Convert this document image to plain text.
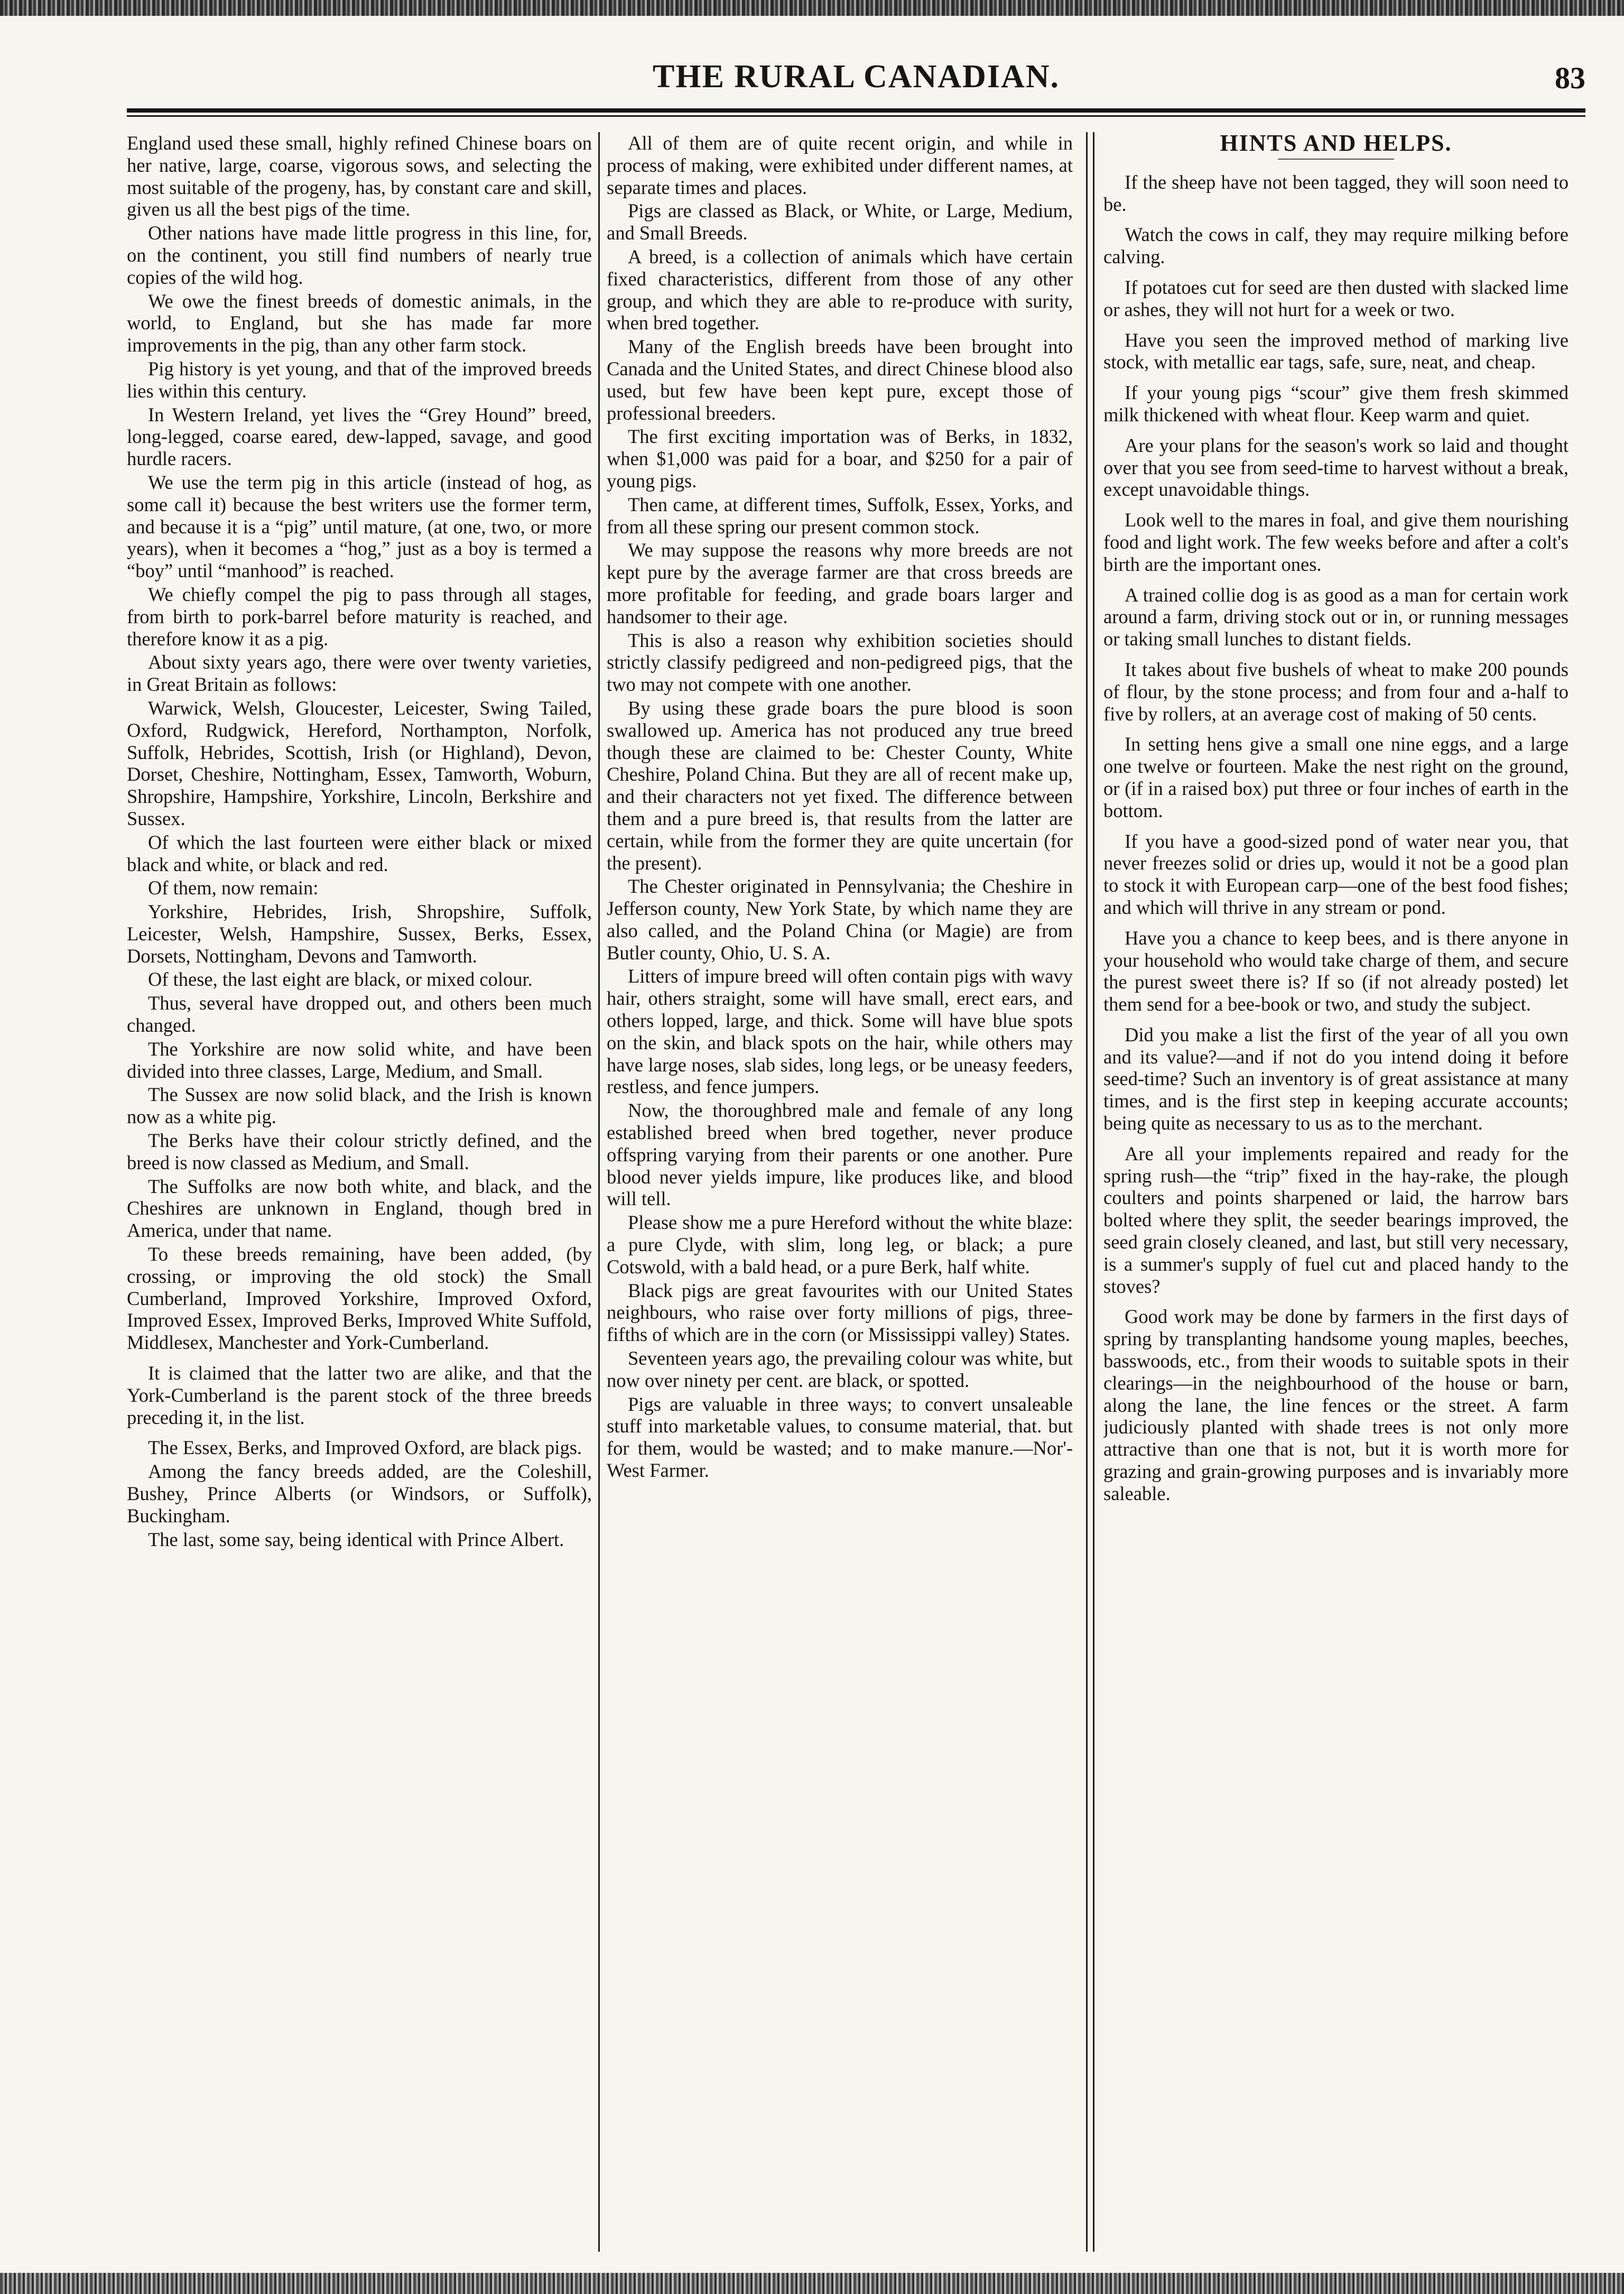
THE RURAL CANADIAN.	83

England used these small, highly refined Chinese boars on her native, large, coarse, vigorous sows, and selecting the most suitable of the progeny, has, by constant care and skill, given us all the best pigs of the time.

Other nations have made little progress in this line, for, on the continent, you still find numbers of nearly true copies of the wild hog.

We owe the finest breeds of domestic animals, in the world, to England, but she has made far more improvements in the pig, than any other farm stock.

Pig history is yet young, and that of the improved breeds lies within this century.

In Western Ireland, yet lives the “Grey Hound” breed, long-legged, coarse eared, dew-lapped, savage, and good hurdle racers.

We use the term pig in this article (instead of hog, as some call it) because the best writers use the former term, and because it is a “pig” until mature, (at one, two, or more years), when it becomes a “hog,” just as a boy is termed a “boy” until “manhood” is reached.

We chiefly compel the pig to pass through all stages, from birth to pork-barrel before maturity is reached, and therefore know it as a pig.

About sixty years ago, there were over twenty varieties, in Great Britain as follows:

Warwick, Welsh, Gloucester, Leicester, Swing Tailed, Oxford, Rudgwick, Hereford, Northampton, Norfolk, Suffolk, Hebrides, Scottish, Irish (or Highland), Devon, Dorset, Cheshire, Nottingham, Essex, Tamworth, Woburn, Shropshire, Hampshire, Yorkshire, Lincoln, Berkshire and Sussex.

Of which the last fourteen were either black or mixed black and white, or black and red.

Of them, now remain:

Yorkshire, Hebrides, Irish, Shropshire, Suffolk, Leicester, Welsh, Hampshire, Sussex, Berks, Essex, Dorsets, Nottingham, Devons and Tamworth.

Of these, the last eight are black, or mixed colour.

Thus, several have dropped out, and others been much changed.

The Yorkshire are now solid white, and have been divided into three classes, Large, Medium, and Small.

The Sussex are now solid black, and the Irish is known now as a white pig.

The Berks have their colour strictly defined, and the breed is now classed as Medium, and Small.

The Suffolks are now both white, and black, and the Cheshires are unknown in England, though bred in America, under that name.

To these breeds remaining, have been added, (by crossing, or improving the old stock) the Small Cumberland, Improved Yorkshire, Improved Oxford, Improved Essex, Improved Berks, Improved White Suffold, Middlesex, Manchester and York-Cumberland.

It is claimed that the latter two are alike, and that the York-Cumberland is the parent stock of the three breeds preceding it, in the list.

The Essex, Berks, and Improved Oxford, are black pigs.

Among the fancy breeds added, are the Coleshill, Bushey, Prince Alberts (or Windsors, or Suffolk), Buckingham.

The last, some say, being identical with Prince Albert.

All of them are of quite recent origin, and while in process of making, were exhibited under different names, at separate times and places.

Pigs are classed as Black, or White, or Large, Medium, and Small Breeds.

A breed, is a collection of animals which have certain fixed characteristics, different from those of any other group, and which they are able to re-produce with surity, when bred together.

Many of the English breeds have been brought into Canada and the United States, and direct Chinese blood also used, but few have been kept pure, except those of professional breeders.

The first exciting importation was of Berks, in 1832, when $1,000 was paid for a boar, and $250 for a pair of young pigs.

Then came, at different times, Suffolk, Essex, Yorks, and from all these spring our present common stock.

We may suppose the reasons why more breeds are not kept pure by the average farmer are that cross breeds are more profitable for feeding, and grade boars larger and handsomer to their age.

This is also a reason why exhibition societies should strictly classify pedigreed and non-pedigreed pigs, that the two may not compete with one another.

By using these grade boars the pure blood is soon swallowed up. America has not produced any true breed though these are claimed to be: Chester County, White Cheshire, Poland China. But they are all of recent make up, and their characters not yet fixed. The difference between them and a pure breed is, that results from the latter are certain, while from the former they are quite uncertain (for the present).

The Chester originated in Pennsylvania; the Cheshire in Jefferson county, New York State, by which name they are also called, and the Poland China (or Magie) are from Butler county, Ohio, U. S. A.

Litters of impure breed will often contain pigs with wavy hair, others straight, some will have small, erect ears, and others lopped, large, and thick. Some will have blue spots on the skin, and black spots on the hair, while others may have large noses, slab sides, long legs, or be uneasy feeders, restless, and fence jumpers.

Now, the thoroughbred male and female of any long established breed when bred together, never produce offspring varying from their parents or one another. Pure blood never yields impure, like produces like, and blood will tell.

Please show me a pure Hereford without the white blaze: a pure Clyde, with slim, long leg, or black; a pure Cotswold, with a bald head, or a pure Berk, half white.

Black pigs are great favourites with our United States neighbours, who raise over forty millions of pigs, three-fifths of which are in the corn (or Mississippi valley) States.

Seventeen years ago, the prevailing colour was white, but now over ninety per cent. are black, or spotted.

Pigs are valuable in three ways; to convert unsaleable stuff into marketable values, to consume material, that. but for them, would be wasted; and to make manure.—Nor'-West Farmer.

HINTS AND HELPS.

If the sheep have not been tagged, they will soon need to be.

Watch the cows in calf, they may require milking before calving.

If potatoes cut for seed are then dusted with slacked lime or ashes, they will not hurt for a week or two.

Have you seen the improved method of marking live stock, with metallic ear tags, safe, sure, neat, and cheap.

If your young pigs “scour” give them fresh skimmed milk thickened with wheat flour. Keep warm and quiet.

Are your plans for the season's work so laid and thought over that you see from seed-time to harvest without a break, except unavoidable things.

Look well to the mares in foal, and give them nourishing food and light work. The few weeks before and after a colt's birth are the important ones.

A trained collie dog is as good as a man for certain work around a farm, driving stock out or in, or running messages or taking small lunches to distant fields.

It takes about five bushels of wheat to make 200 pounds of flour, by the stone process; and from four and a-half to five by rollers, at an average cost of making of 50 cents.

In setting hens give a small one nine eggs, and a large one twelve or fourteen. Make the nest right on the ground, or (if in a raised box) put three or four inches of earth in the bottom.

If you have a good-sized pond of water near you, that never freezes solid or dries up, would it not be a good plan to stock it with European carp—one of the best food fishes; and which will thrive in any stream or pond.

Have you a chance to keep bees, and is there anyone in your household who would take charge of them, and secure the purest sweet there is? If so (if not already posted) let them send for a bee-book or two, and study the subject.

Did you make a list the first of the year of all you own and its value?—and if not do you intend doing it before seed-time? Such an inventory is of great assistance at many times, and is the first step in keeping accurate accounts; being quite as necessary to us as to the merchant.

Are all your implements repaired and ready for the spring rush—the “trip” fixed in the hay-rake, the plough coulters and points sharpened or laid, the harrow bars bolted where they split, the seeder bearings improved, the seed grain closely cleaned, and last, but still very necessary, is a summer's supply of fuel cut and placed handy to the stoves?

Good work may be done by farmers in the first days of spring by transplanting handsome young maples, beeches, basswoods, etc., from their woods to suitable spots in their clearings—in the neighbourhood of the house or barn, along the lane, the line fences or the street. A farm judiciously planted with shade trees is not only more attractive than one that is not, but it is worth more for grazing and grain-growing purposes and is invariably more saleable.
